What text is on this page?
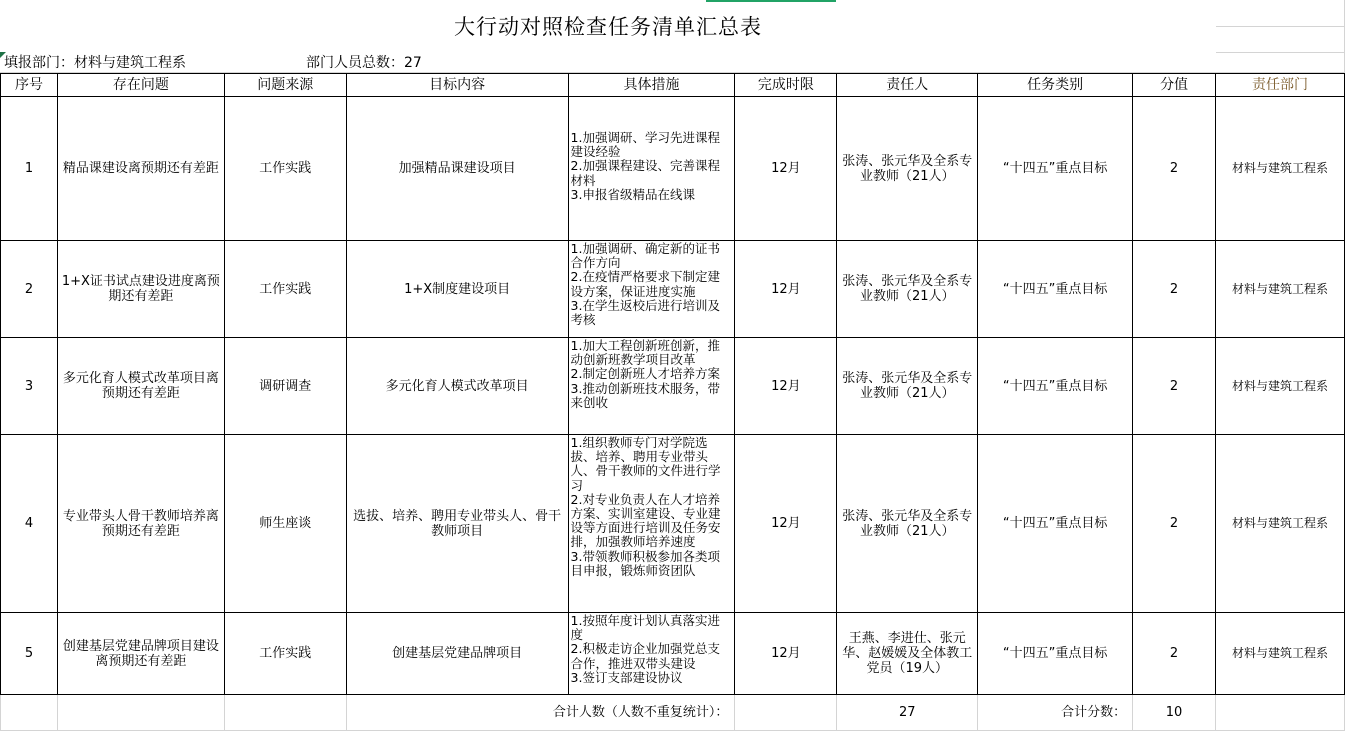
大行动对照检查任务清单汇总表
填报部门：材料与建筑工程系	部门人员总数：27
序号	存在问题	问题来源	目标内容	具体措施	完成时限	责任人	任务类别	分值	责任部门
1	精品课建设离预期还有差距	工作实践	加强精品课建设项目	1.加强调研、学习先进课程建设经验
2.加强课程建设、完善课程材料
3.申报省级精品在线课	12月	张涛、张元华及全系专业教师（21人）	“十四五”重点目标	2	材料与建筑工程系
2	1+X证书试点建设进度离预期还有差距	工作实践	1+X制度建设项目	1.加强调研、确定新的证书合作方向
2.在疫情严格要求下制定建设方案，保证进度实施
3.在学生返校后进行培训及考核	12月	张涛、张元华及全系专业教师（21人）	“十四五”重点目标	2	材料与建筑工程系
3	多元化育人模式改革项目离预期还有差距	调研调查	多元化育人模式改革项目	1.加大工程创新班创新，推动创新班教学项目改革
2.制定创新班人才培养方案
3.推动创新班技术服务，带来创收	12月	张涛、张元华及全系专业教师（21人）	“十四五”重点目标	2	材料与建筑工程系
4	专业带头人骨干教师培养离预期还有差距	师生座谈	选拔、培养、聘用专业带头人、骨干教师项目	1.组织教师专门对学院选拔、培养、聘用专业带头人、骨干教师的文件进行学习
2.对专业负责人在人才培养方案、实训室建设、专业建设等方面进行培训及任务安排，加强教师培养速度
3.带领教师积极参加各类项目申报，锻炼师资团队	12月	张涛、张元华及全系专业教师（21人）	“十四五”重点目标	2	材料与建筑工程系
5	创建基层党建品牌项目建设离预期还有差距	工作实践	创建基层党建品牌项目	1.按照年度计划认真落实进度
2.积极走访企业加强党总支合作，推进双带头建设
3.签订支部建设协议	12月	王燕、李进仕、张元华、赵媛媛及全体教工党员（19人）	“十四五”重点目标	2	材料与建筑工程系
			合计人数（人数不重复统计）：			27	合计分数：	10	
